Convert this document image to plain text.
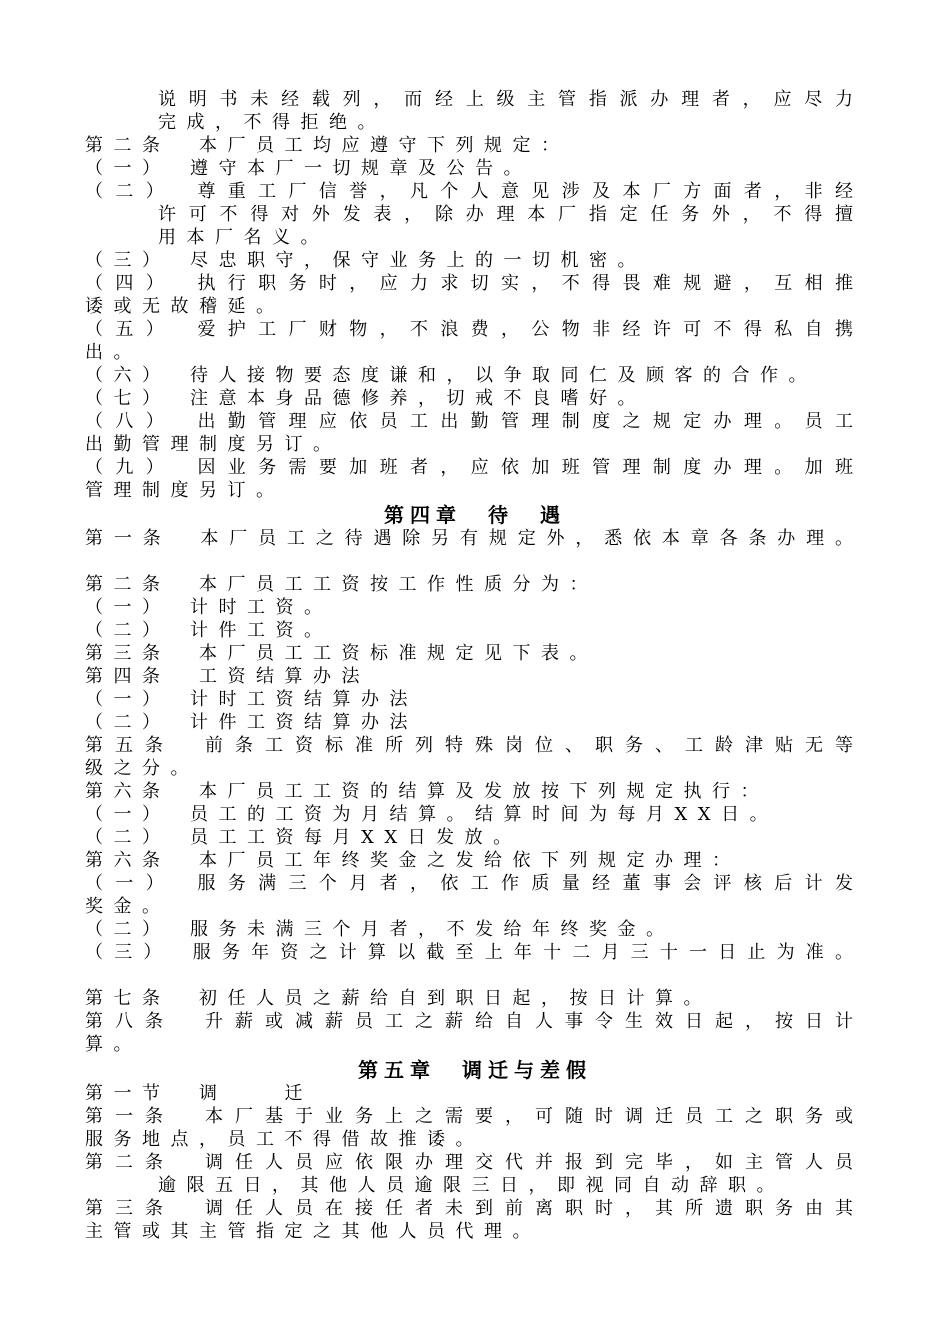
说明书未经载列，而经上级主管指派办理者，应尽力
完成，不得拒绝。
第二条　本厂员工均应遵守下列规定：
（一）　遵守本厂一切规章及公告。
（二）　尊重工厂信誉，凡个人意见涉及本厂方面者，非经
许可不得对外发表，除办理本厂指定任务外，不得擅
用本厂名义。
（三）　尽忠职守，保守业务上的一切机密。
（四）　执行职务时，应力求切实，不得畏难规避，互相推
诿或无故稽延。
（五）　爱护工厂财物，不浪费，公物非经许可不得私自携
出。
（六）　待人接物要态度谦和，以争取同仁及顾客的合作。
（七）　注意本身品德修养，切戒不良嗜好。
（八）　出勤管理应依员工出勤管理制度之规定办理。员工
出勤管理制度另订。
（九）　因业务需要加班者，应依加班管理制度办理。加班
管理制度另订。
第四章　待　遇
第一条　本厂员工之待遇除另有规定外，悉依本章各条办理。
第二条　本厂员工工资按工作性质分为：
（一）　计时工资。
（二）　计件工资。
第三条　本厂员工工资标准规定见下表。
第四条　工资结算办法
（一）　计时工资结算办法
（二）　计件工资结算办法
第五条　前条工资标准所列特殊岗位、职务、工龄津贴无等
级之分。
第六条　本厂员工工资的结算及发放按下列规定执行：
（一）　员工的工资为月结算。结算时间为每月XX日。
（二）　员工工资每月XX日发放。
第六条　本厂员工年终奖金之发给依下列规定办理：
（一）　服务满三个月者，依工作质量经董事会评核后计发
奖金。
（二）　服务未满三个月者，不发给年终奖金。
（三）　服务年资之计算以截至上年十二月三十一日止为准。
第七条　初任人员之薪给自到职日起，按日计算。
第八条　升薪或减薪员工之薪给自人事令生效日起，按日计
算。
第五章　调迁与差假
第一节　调　　迁
第一条　本厂基于业务上之需要，可随时调迁员工之职务或
服务地点，员工不得借故推诿。
第二条　调任人员应依限办理交代并报到完毕，如主管人员
逾限五日，其他人员逾限三日，即视同自动辞职。
第三条　调任人员在接任者未到前离职时，其所遗职务由其
主管或其主管指定之其他人员代理。
